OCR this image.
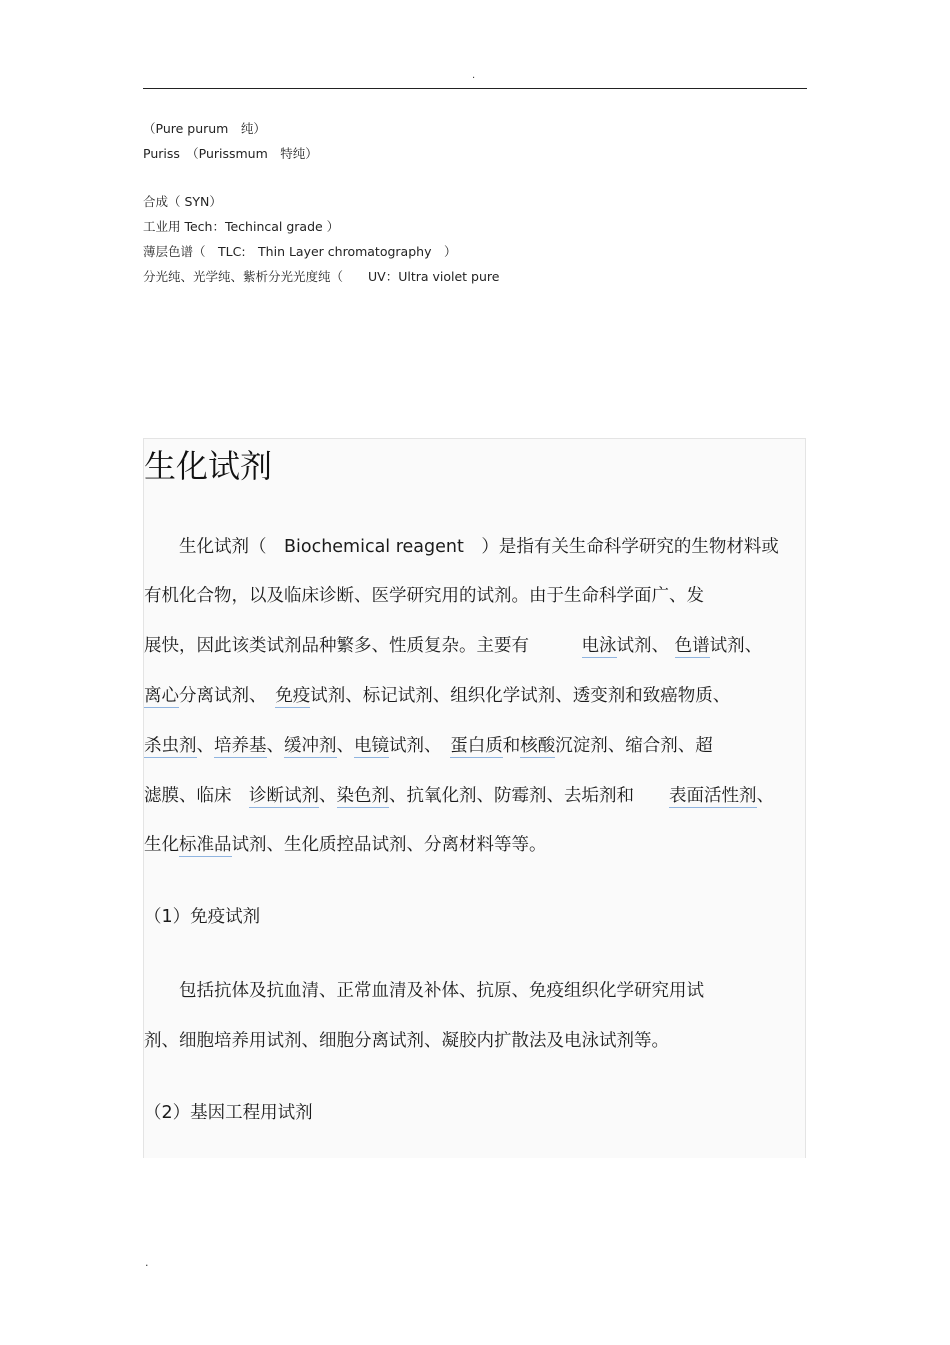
.
（Pure purum　纯）
Puriss　（Purissmum　特纯）
合成（ SYN）
工业用 Tech：Techincal grade ）
薄层色谱（　TLC:　Thin Layer chromatography　）
分光纯、光学纯、紫析分光光度纯（　　UV：Ultra violet pure
生化试剂
　　生化试剂（　Biochemical reagent　）是指有关生命科学研究的生物材料或
有机化合物，以及临床诊断、医学研究用的试剂。由于生命科学面广、发
展快，因此该类试剂品种繁多、性质复杂。主要有　　　电泳试剂、 色谱试剂、
离心分离试剂、　免疫试剂、标记试剂、组织化学试剂、透变剂和致癌物质、
杀虫剂、培养基、缓冲剂、电镜试剂、　蛋白质和核酸沉淀剂、缩合剂、超
滤膜、临床　诊断试剂、染色剂、抗氧化剂、防霉剂、去垢剂和　　表面活性剂、
生化标准品试剂、生化质控品试剂、分离材料等等。
（1）免疫试剂
　　包括抗体及抗血清、正常血清及补体、抗原、免疫组织化学研究用试
剂、细胞培养用试剂、细胞分离试剂、凝胶内扩散法及电泳试剂等。
（2）基因工程用试剂
.
